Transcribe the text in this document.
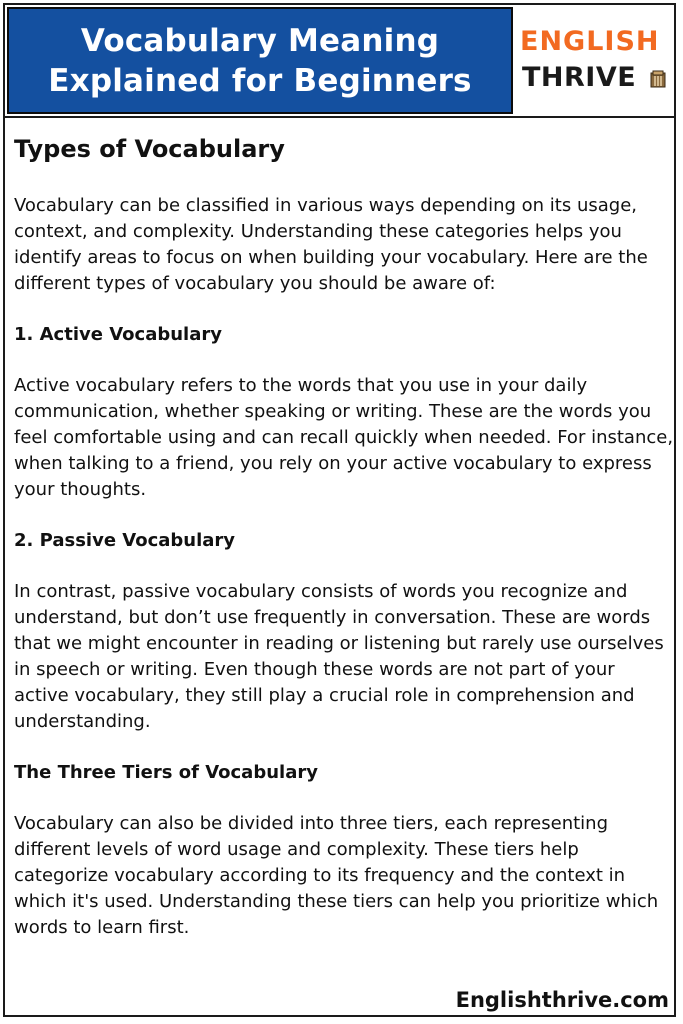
Vocabulary Meaning
Explained for Beginners
ENGLISH
THRIVE
Types of Vocabulary
Vocabulary can be classified in various ways depending on its usage, context, and complexity. Understanding these categories helps you identify areas to focus on when building your vocabulary. Here are the different types of vocabulary you should be aware of:
1. Active Vocabulary
Active vocabulary refers to the words that you use in your daily communication, whether speaking or writing. These are the words you feel comfortable using and can recall quickly when needed. For instance, when talking to a friend, you rely on your active vocabulary to express your thoughts.
2. Passive Vocabulary
In contrast, passive vocabulary consists of words you recognize and understand, but don’t use frequently in conversation. These are words that we might encounter in reading or listening but rarely use ourselves in speech or writing. Even though these words are not part of your active vocabulary, they still play a crucial role in comprehension and understanding.
The Three Tiers of Vocabulary
Vocabulary can also be divided into three tiers, each representing different levels of word usage and complexity. These tiers help categorize vocabulary according to its frequency and the context in which it's used. Understanding these tiers can help you prioritize which words to learn first.
Englishthrive.com
